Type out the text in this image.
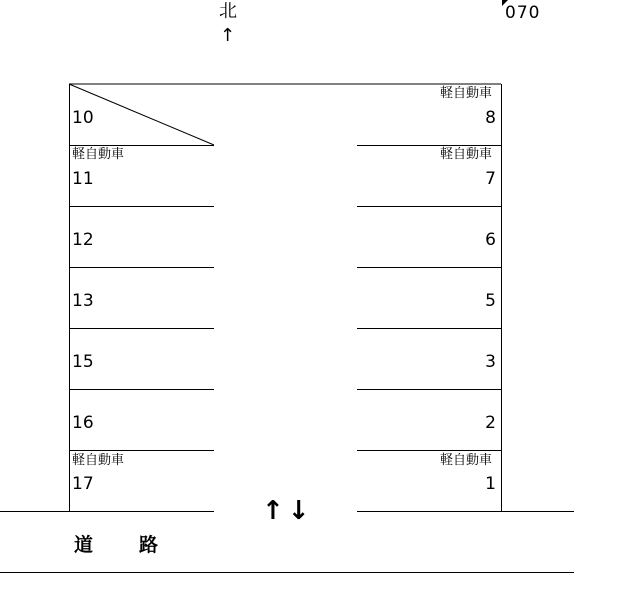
北
↑
070
10
軽自動車
11
12
13
15
16
軽自動車
17
軽自動車
8
軽自動車
7
6
5
3
2
軽自動車
1
↑↓
道 路
